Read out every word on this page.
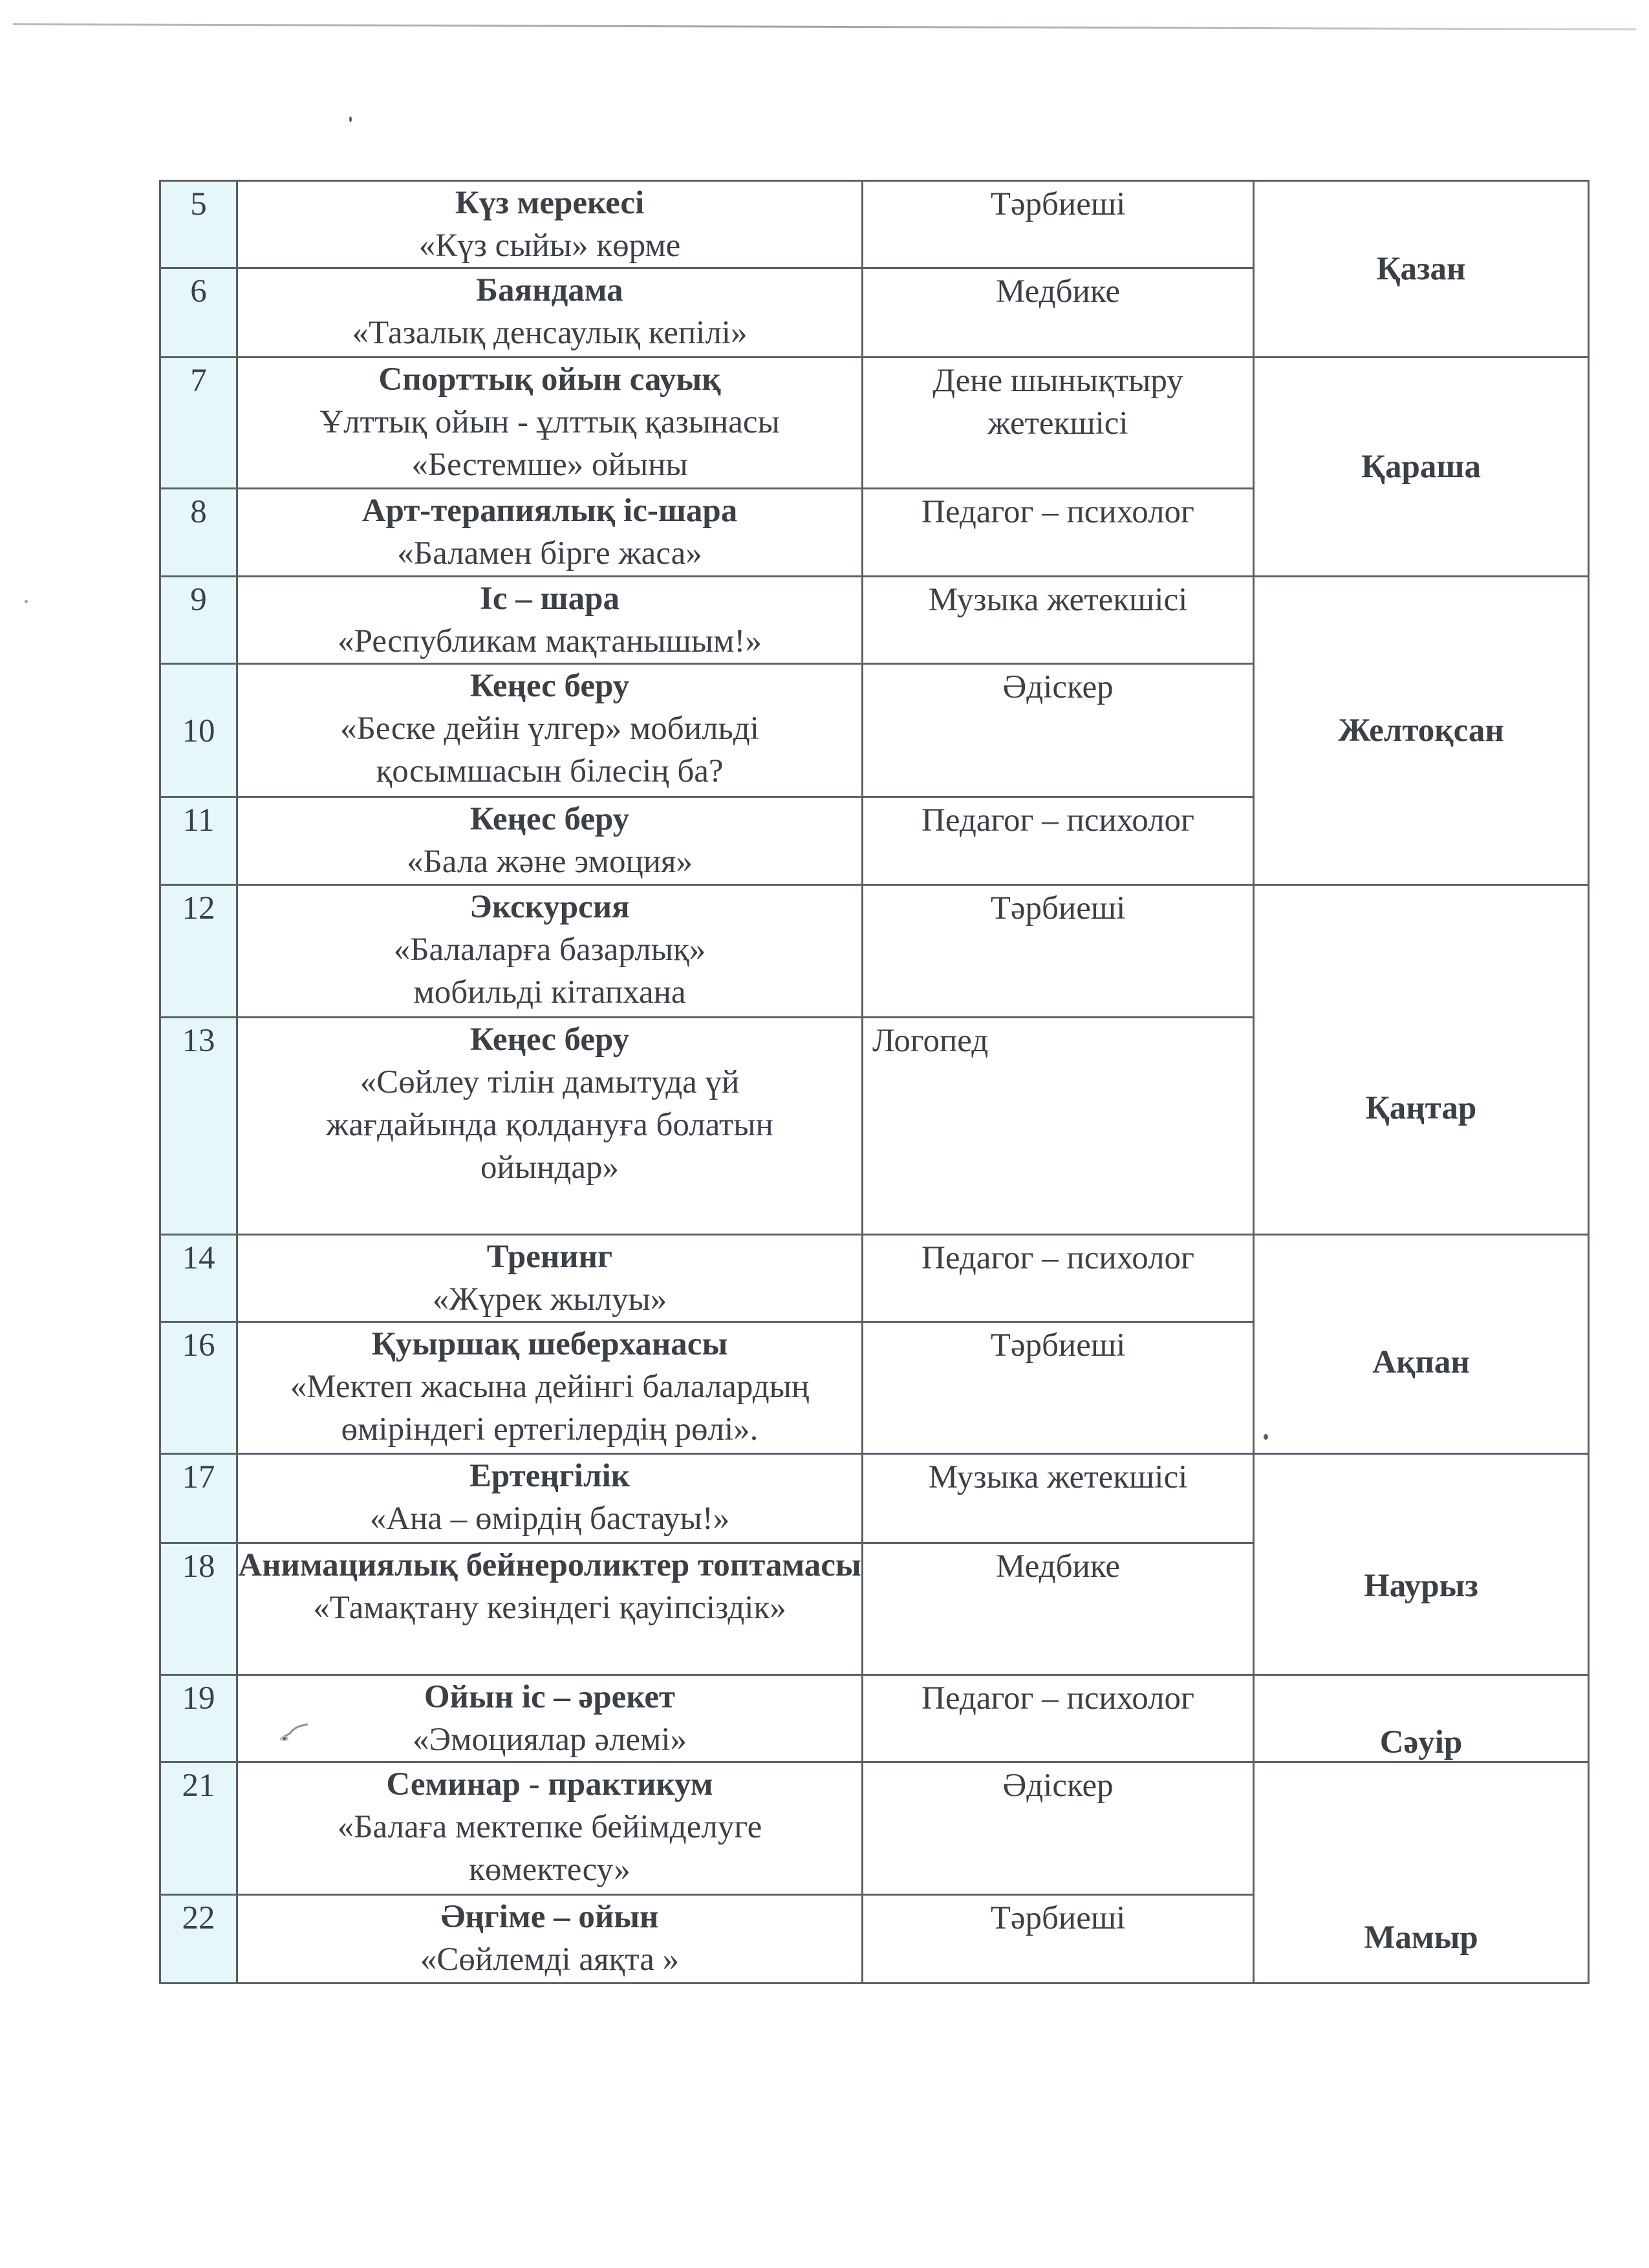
5	Күз мерекесі
«Күз сыйы» көрме	Тәрбиеші	Қазан
6	Баяндама
«Тазалық денсаулық кепілі»	Медбике	
7	Спорттық ойын сауық
Ұлттық ойын - ұлттық қазынасы
«Бестемше» ойыны	Дене шынықтыру жетекшісі	Қараша
8	Арт-терапиялық іс-шара
«Баламен бірге жаса»	Педагог – психолог	
9	Іс – шара
«Республикам мақтанышым!»	Музыка жетекшісі	Желтоқсан
10	Кеңес беру
«Беске дейін үлгер» мобильді
қосымшасын білесің ба?	Әдіскер	
11	Кеңес беру
«Бала және эмоция»	Педагог – психолог	
12	Экскурсия
«Балаларға базарлық»
мобильді кітапхана	Тәрбиеші	Қаңтар
13	Кеңес беру
«Сөйлеу тілін дамытуда үй
жағдайында қолдануға болатын
ойындар»	Логопед	
14	Тренинг
«Жүрек жылуы»	Педагог – психолог	Ақпан
16	Қуыршақ шеберханасы
«Мектеп жасына дейінгі балалардың
өміріндегі ертегілердің рөлі».	Тәрбиеші	
17	Ертеңгілік
«Ана – өмірдің бастауы!»	Музыка жетекшісі	Наурыз
18	Анимациялық бейнероликтер топтамасы
«Тамақтану кезіндегі қауіпсіздік»	Медбике	
19	Ойын іс – әрекет
«Эмоциялар әлемі»	Педагог – психолог	Сәуір
21	Семинар - практикум
«Балаға мектепке бейімделуге
көмектесу»	Әдіскер	Мамыр
22	Әңгіме – ойын
«Сөйлемді аяқта »	Тәрбиеші	
